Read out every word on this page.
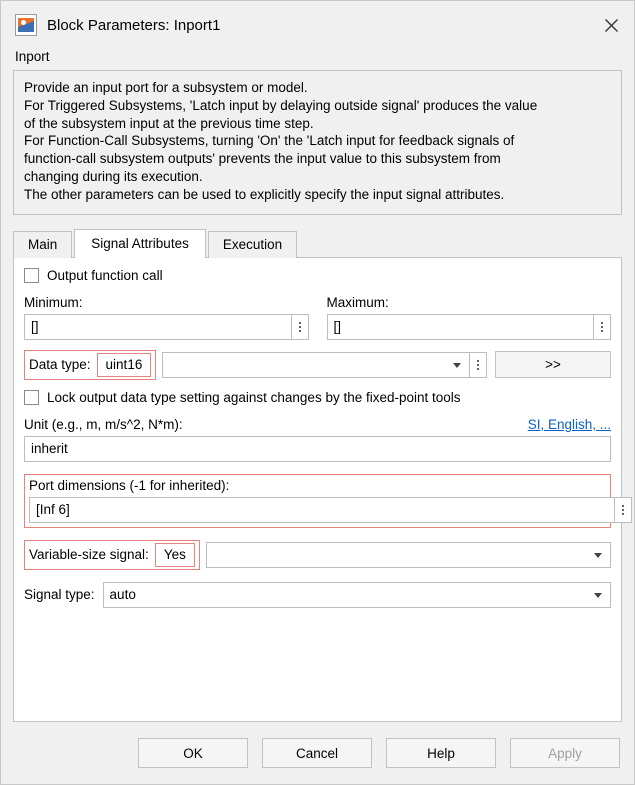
Block Parameters: Inport1
Inport
Provide an input port for a subsystem or model.
For Triggered Subsystems, 'Latch input by delaying outside signal' produces the value
of the subsystem input at the previous time step.
For Function-Call Subsystems, turning 'On' the 'Latch input for feedback signals of
function-call subsystem outputs' prevents the input value to this subsystem from
changing during its execution.
The other parameters can be used to explicitly specify the input signal attributes.
Main	Signal Attributes	Execution
Output function call
Minimum:
[]
Maximum:
[]
Data type:	uint16	>>
Lock output data type setting against changes by the fixed-point tools
Unit (e.g., m, m/s^2, N*m):	SI, English, ...
inherit
Port dimensions (-1 for inherited):
[Inf 6]
Variable-size signal:	Yes
Signal type: auto
OK	Cancel	Help	Apply
